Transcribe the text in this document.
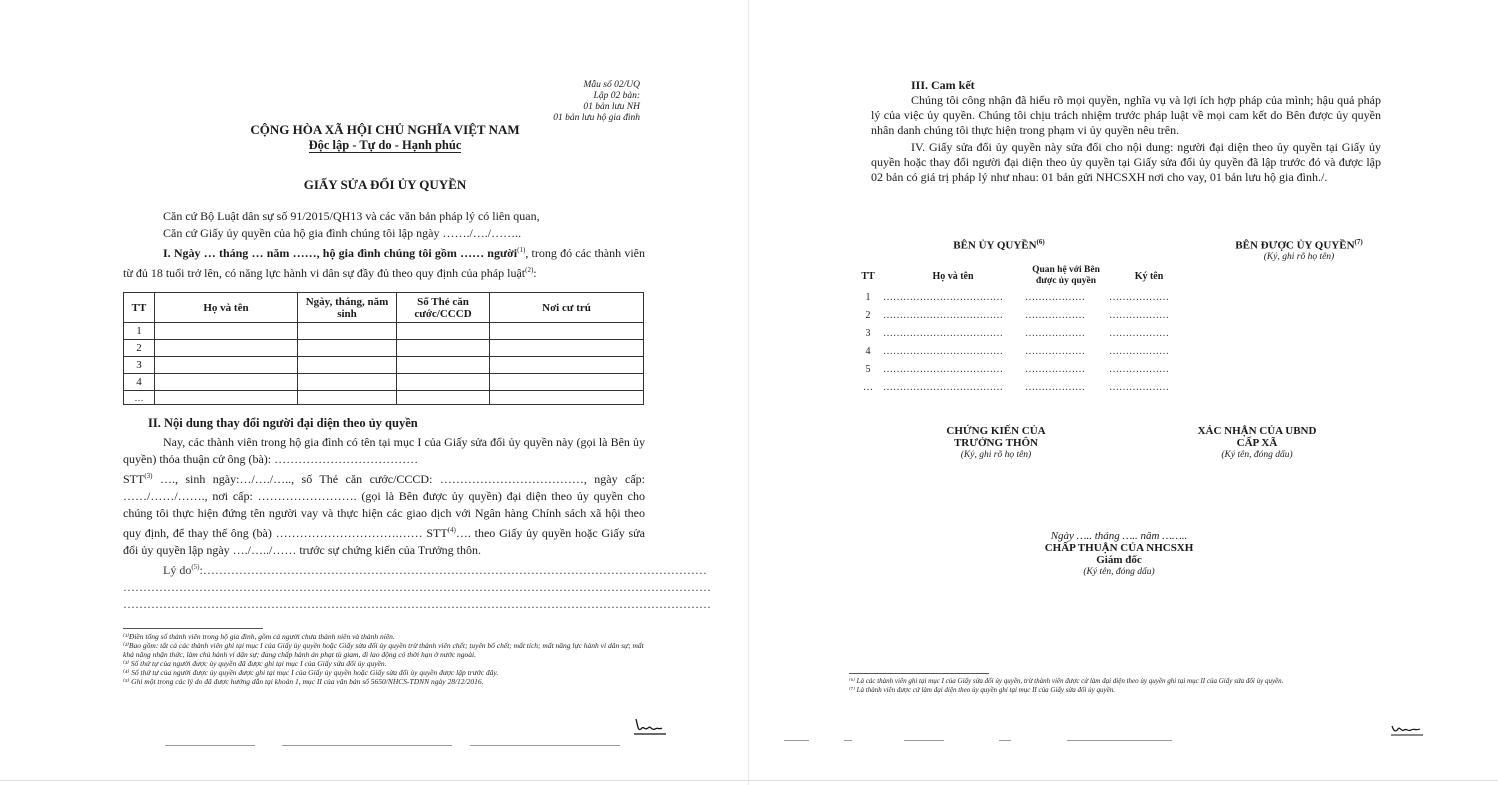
Mẫu số 02/UQ
Lập 02 bản:
01 bản lưu NH
01 bản lưu hộ gia đình
CỘNG HÒA XÃ HỘI CHỦ NGHĨA VIỆT NAM
Độc lập - Tự do - Hạnh phúc
GIẤY SỬA ĐỔI ỦY QUYỀN
Căn cứ Bộ Luật dân sự số 91/2015/QH13 và các văn bản pháp lý có liên quan,
Căn cứ Giấy ủy quyền của hộ gia đình chúng tôi lập ngày ……./…./……..
I. Ngày … tháng … năm ……, hộ gia đình chúng tôi gồm …… người$^{(1)}$, trong đó các thành viên từ đủ 18 tuổi trở lên, có năng lực hành vi dân sự đầy đủ theo quy định của pháp luật$^{(2)}$:
TT	Họ và tên	Ngày, tháng, năm sinh	Số Thẻ căn cước/CCCD	Nơi cư trú
1				
2				
3				
4				
…				
II. Nội dung thay đổi người đại diện theo ủy quyền
Nay, các thành viên trong hộ gia đình có tên tại mục I của Giấy sửa đổi ủy quyền này (gọi là Bên ủy quyền) thỏa thuận cử ông (bà): ………………………………
STT$^{(3)}$ …., sinh ngày:…/…./….., số Thẻ căn cước/CCCD: ………………………………, ngày cấp: ……/……/……., nơi cấp: ……………………. (gọi là Bên được ủy quyền) đại diện theo ủy quyền cho chúng tôi thực hiện đứng tên người vay và thực hiện các giao dịch với Ngân hàng Chính sách xã hội theo quy định, để thay thế ông (bà) ………………………….…… STT$^{(4)}$…. theo Giấy ủy quyền hoặc Giấy sửa đổi ủy quyền lập ngày …./…../…… trước sự chứng kiến của Trưởng thôn.
Lý $do^{(5)}:\dots\dots\dots\dots\dots\dots\dots\dots\dots\dots\dots\dots\dots\dots\dots\dots\dots\dots\dots\dots\dots\dots\dots\dots\dots\dots\dots\dots\dots\dots\dots\dots\dots\dots\dots\dots\dots\dots\dots\dots\dots\dots$
…………………………………………………………………………………………………………………………………
…………………………………………………………………………………………………………………………………
⁽¹⁾Điền tổng số thành viên trong hộ gia đình, gồm cả người chưa thành niên và thành niên.
⁽²⁾Bao gồm: tất cả các thành viên ghi tại mục I của Giấy ủy quyền hoặc Giấy sửa đổi ủy quyền trừ thành viên chết; tuyên bố chết; mất tích; mất năng lực hành vi dân sự; mất khả năng nhận thức, làm chủ hành vi dân sự; đang chấp hành án phạt tù giam, đi lao động có thời hạn ở nước ngoài.
⁽³⁾ Số thứ tự của người được ủy quyền đã được ghi tại mục I của Giấy sửa đổi ủy quyền.
⁽⁴⁾ Số thứ tự của người được ủy quyền được ghi tại mục I của Giấy ủy quyền hoặc Giấy sửa đổi ủy quyền được lập trước đây.
⁽⁵⁾ Ghi một trong các lý do đã được hướng dẫn tại khoản 1, mục II của văn bản số 5650/NHCS-TDNN ngày 28/12/2016.
III. Cam kết
Chúng tôi công nhận đã hiểu rõ mọi quyền, nghĩa vụ và lợi ích hợp pháp của mình; hậu quả pháp lý của việc ủy quyền. Chúng tôi chịu trách nhiệm trước pháp luật về mọi cam kết do Bên được ủy quyền nhân danh chúng tôi thực hiện trong phạm vi ủy quyền nêu trên.
IV. Giấy sửa đổi ủy quyền này sửa đổi cho nội dung: người đại diện theo ủy quyền tại Giấy ủy quyền hoặc thay đổi người đại diện theo ủy quyền tại Giấy sửa đổi ủy quyền đã lập trước đó và được lập 02 bản có giá trị pháp lý như nhau: 01 bản gửi NHCSXH nơi cho vay, 01 bản lưu hộ gia đình./.
BÊN ỦY QUYỀN$^{(6)}$	BÊN ĐƯỢC ỦY QUYỀN$^{(7)}$
(Ký, ghi rõ họ tên)
TT	Họ và tên	Quan hệ với Bên được ủy quyền	Ký tên
1	………………………………	………………	………………
2	………………………………	………………	………………
3	………………………………	………………	………………
4	………………………………	………………	………………
5	………………………………	………………	………………
…	………………………………	………………	………………
CHỨNG KIẾN CỦA TRƯỞNG THÔN
(Ký, ghi rõ họ tên)
XÁC NHẬN CỦA UBND CẤP XÃ
(Ký tên, đóng dấu)
Ngày ….. tháng ….. năm ……..
CHẤP THUẬN CỦA NHCSXH
Giám đốc
(Ký tên, đóng dấu)
⁽⁶⁾ Là các thành viên ghi tại mục I của Giấy sửa đổi ủy quyền, trừ thành viên được cử làm đại diện theo ủy quyền ghi tại mục II của Giấy sửa đổi ủy quyền.
⁽⁷⁾ Là thành viên được cử làm đại diện theo ủy quyền ghi tại mục II của Giấy sửa đổi ủy quyền.
